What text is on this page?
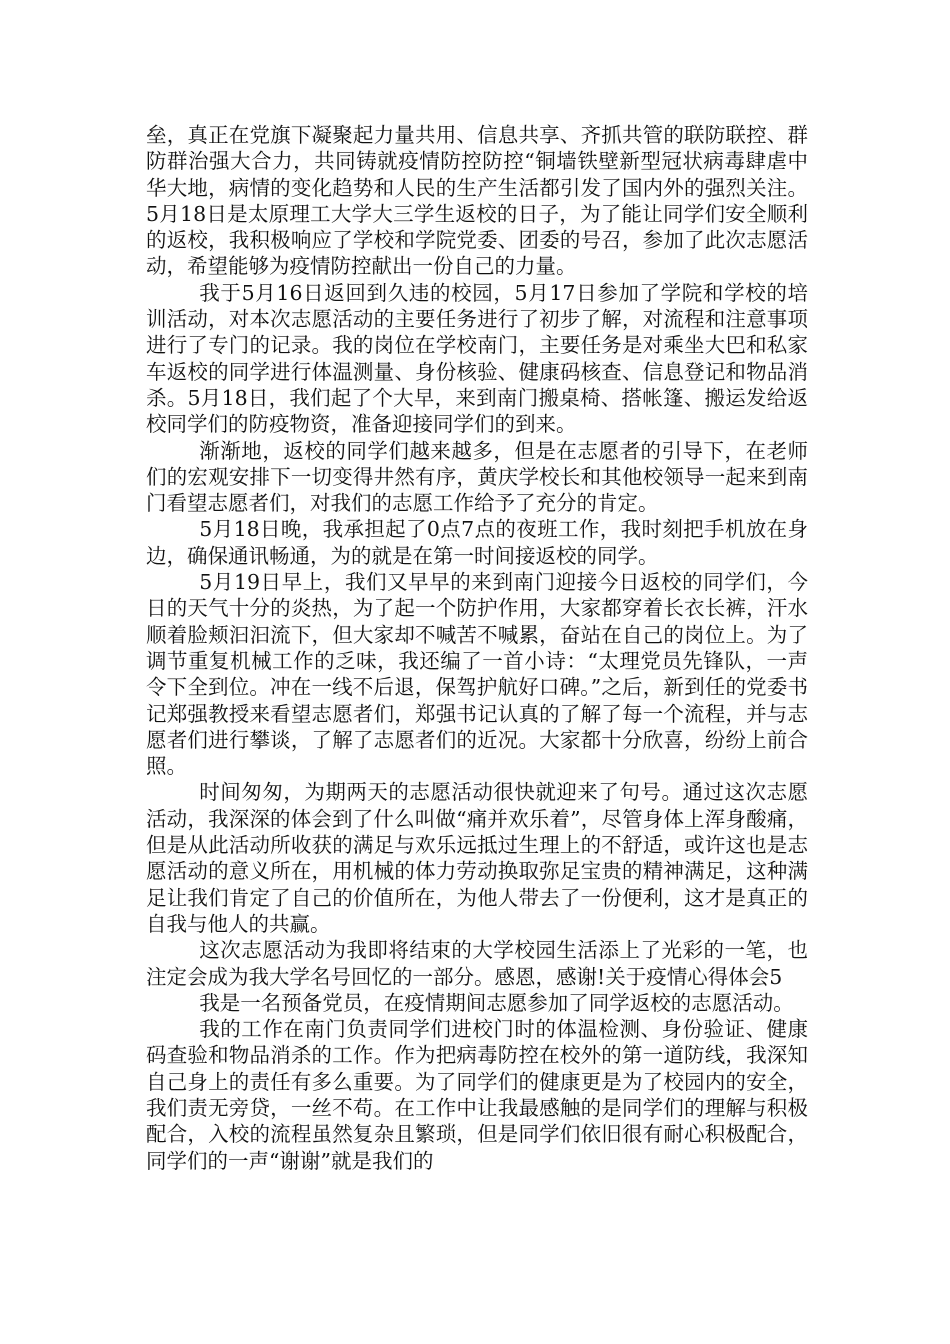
垒，真正在党旗下凝聚起力量共用、信息共享、齐抓共管的联防联控、群防群治强大合力，共同铸就疫情防控防控“铜墙铁壁新型冠状病毒肆虐中华大地，病情的变化趋势和人民的生产生活都引发了国内外的强烈关注。5月18日是太原理工大学大三学生返校的日子，为了能让同学们安全顺利的返校，我积极响应了学校和学院党委、团委的号召，参加了此次志愿活动，希望能够为疫情防控献出一份自己的力量。

我于5月16日返回到久违的校园，5月17日参加了学院和学校的培训活动，对本次志愿活动的主要任务进行了初步了解，对流程和注意事项进行了专门的记录。我的岗位在学校南门，主要任务是对乘坐大巴和私家车返校的同学进行体温测量、身份核验、健康码核查、信息登记和物品消杀。5月18日，我们起了个大早，来到南门搬桌椅、搭帐篷、搬运发给返校同学们的防疫物资，准备迎接同学们的到来。

渐渐地，返校的同学们越来越多，但是在志愿者的引导下，在老师们的宏观安排下一切变得井然有序，黄庆学校长和其他校领导一起来到南门看望志愿者们，对我们的志愿工作给予了充分的肯定。

5月18日晚，我承担起了0点7点的夜班工作，我时刻把手机放在身边，确保通讯畅通，为的就是在第一时间接返校的同学。

5月19日早上，我们又早早的来到南门迎接今日返校的同学们，今日的天气十分的炎热，为了起一个防护作用，大家都穿着长衣长裤，汗水顺着脸颊汩汩流下，但大家却不喊苦不喊累，奋站在自己的岗位上。为了调节重复机械工作的乏味，我还编了一首小诗：“太理党员先锋队，一声令下全到位。冲在一线不后退，保驾护航好口碑。”之后，新到任的党委书记郑强教授来看望志愿者们，郑强书记认真的了解了每一个流程，并与志愿者们进行攀谈，了解了志愿者们的近况。大家都十分欣喜，纷纷上前合照。

时间匆匆，为期两天的志愿活动很快就迎来了句号。通过这次志愿活动，我深深的体会到了什么叫做“痛并欢乐着”，尽管身体上浑身酸痛，但是从此活动所收获的满足与欢乐远抵过生理上的不舒适，或许这也是志愿活动的意义所在，用机械的体力劳动换取弥足宝贵的精神满足，这种满足让我们肯定了自己的价值所在，为他人带去了一份便利，这才是真正的自我与他人的共赢。

这次志愿活动为我即将结束的大学校园生活添上了光彩的一笔，也注定会成为我大学名号回忆的一部分。感恩，感谢!关于疫情心得体会5

我是一名预备党员，在疫情期间志愿参加了同学返校的志愿活动。

我的工作在南门负责同学们进校门时的体温检测、身份验证、健康码查验和物品消杀的工作。作为把病毒防控在校外的第一道防线，我深知自己身上的责任有多么重要。为了同学们的健康更是为了校园内的安全，我们责无旁贷，一丝不苟。在工作中让我最感触的是同学们的理解与积极配合，入校的流程虽然复杂且繁琐，但是同学们依旧很有耐心积极配合，同学们的一声“谢谢”就是我们的
